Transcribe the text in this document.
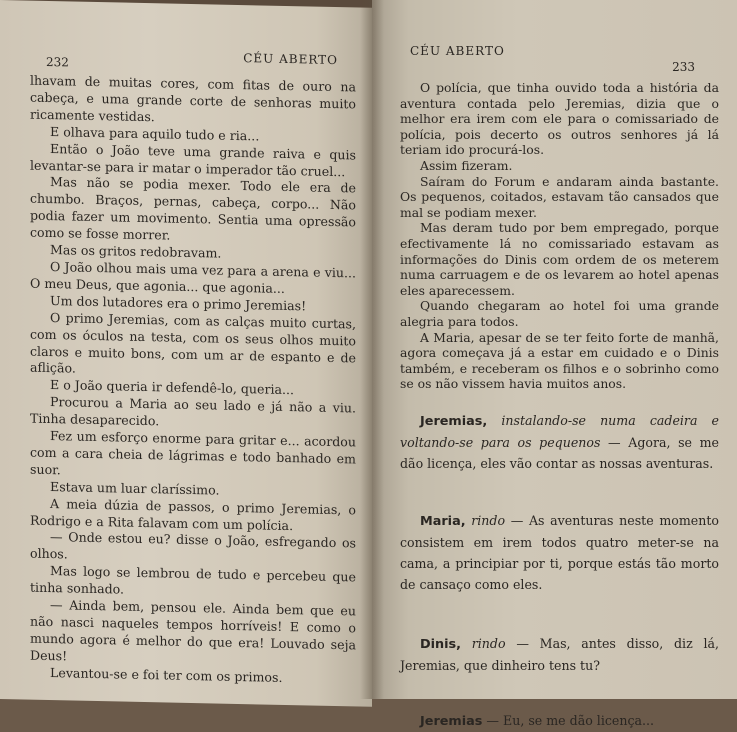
232	CÉU ABERTO

lhavam de muitas cores, com fitas de ouro na cabeça, e uma grande corte de senhoras muito ricamente vestidas.

E olhava para aquilo tudo e ria...

Então o João teve uma grande raiva e quis levantar-se para ir matar o imperador tão cruel...

Mas não se podia mexer. Todo ele era de chumbo. Braços, pernas, cabeça, corpo... Não podia fazer um movimento. Sentia uma opressão como se fosse morrer.

Mas os gritos redobravam.

O João olhou mais uma vez para a arena e viu... O meu Deus, que agonia... que agonia...

Um dos lutadores era o primo Jeremias!

O primo Jeremias, com as calças muito curtas, com os óculos na testa, com os seus olhos muito claros e muito bons, com um ar de espanto e de aflição.

E o João queria ir defendê-lo, queria...

Procurou a Maria ao seu lado e já não a viu. Tinha desaparecido.

Fez um esforço enorme para gritar e... acordou com a cara cheia de lágrimas e todo banhado em suor.

Estava um luar claríssimo.

A meia dúzia de passos, o primo Jeremias, o Rodrigo e a Rita falavam com um polícia.

— Onde estou eu? disse o João, esfregando os olhos.

Mas logo se lembrou de tudo e percebeu que tinha sonhado.

— Ainda bem, pensou ele. Ainda bem que eu não nasci naqueles tempos horríveis! E como o mundo agora é melhor do que era! Louvado seja Deus!

Levantou-se e foi ter com os primos.

CÉU ABERTO
233

O polícia, que tinha ouvido toda a história da aventura contada pelo Jeremias, dizia que o melhor era irem com ele para o comissariado de polícia, pois decerto os outros senhores já lá teriam ido procurá-los.

Assim fizeram.

Saíram do Forum e andaram ainda bastante. Os pequenos, coitados, estavam tão cansados que mal se podiam mexer.

Mas deram tudo por bem empregado, porque efectivamente lá no comissariado estavam as informações do Dinis com ordem de os meterem numa carruagem e de os levarem ao hotel apenas eles aparecessem.

Quando chegaram ao hotel foi uma grande alegria para todos.

A Maria, apesar de se ter feito forte de manhã, agora começava já a estar em cuidado e o Dinis também, e receberam os filhos e o sobrinho como se os não vissem havia muitos anos.

Jeremias, instalando-se numa cadeira e voltando-se para os pequenos — Agora, se me dão licença, eles vão contar as nossas aventuras.

Maria, rindo — As aventuras neste momento consistem em irem todos quatro meter-se na cama, a principiar por ti, porque estás tão morto de cansaço como eles.

Dinis, rindo — Mas, antes disso, diz lá, Jeremias, que dinheiro tens tu?

Jeremias — Eu, se me dão licença...
